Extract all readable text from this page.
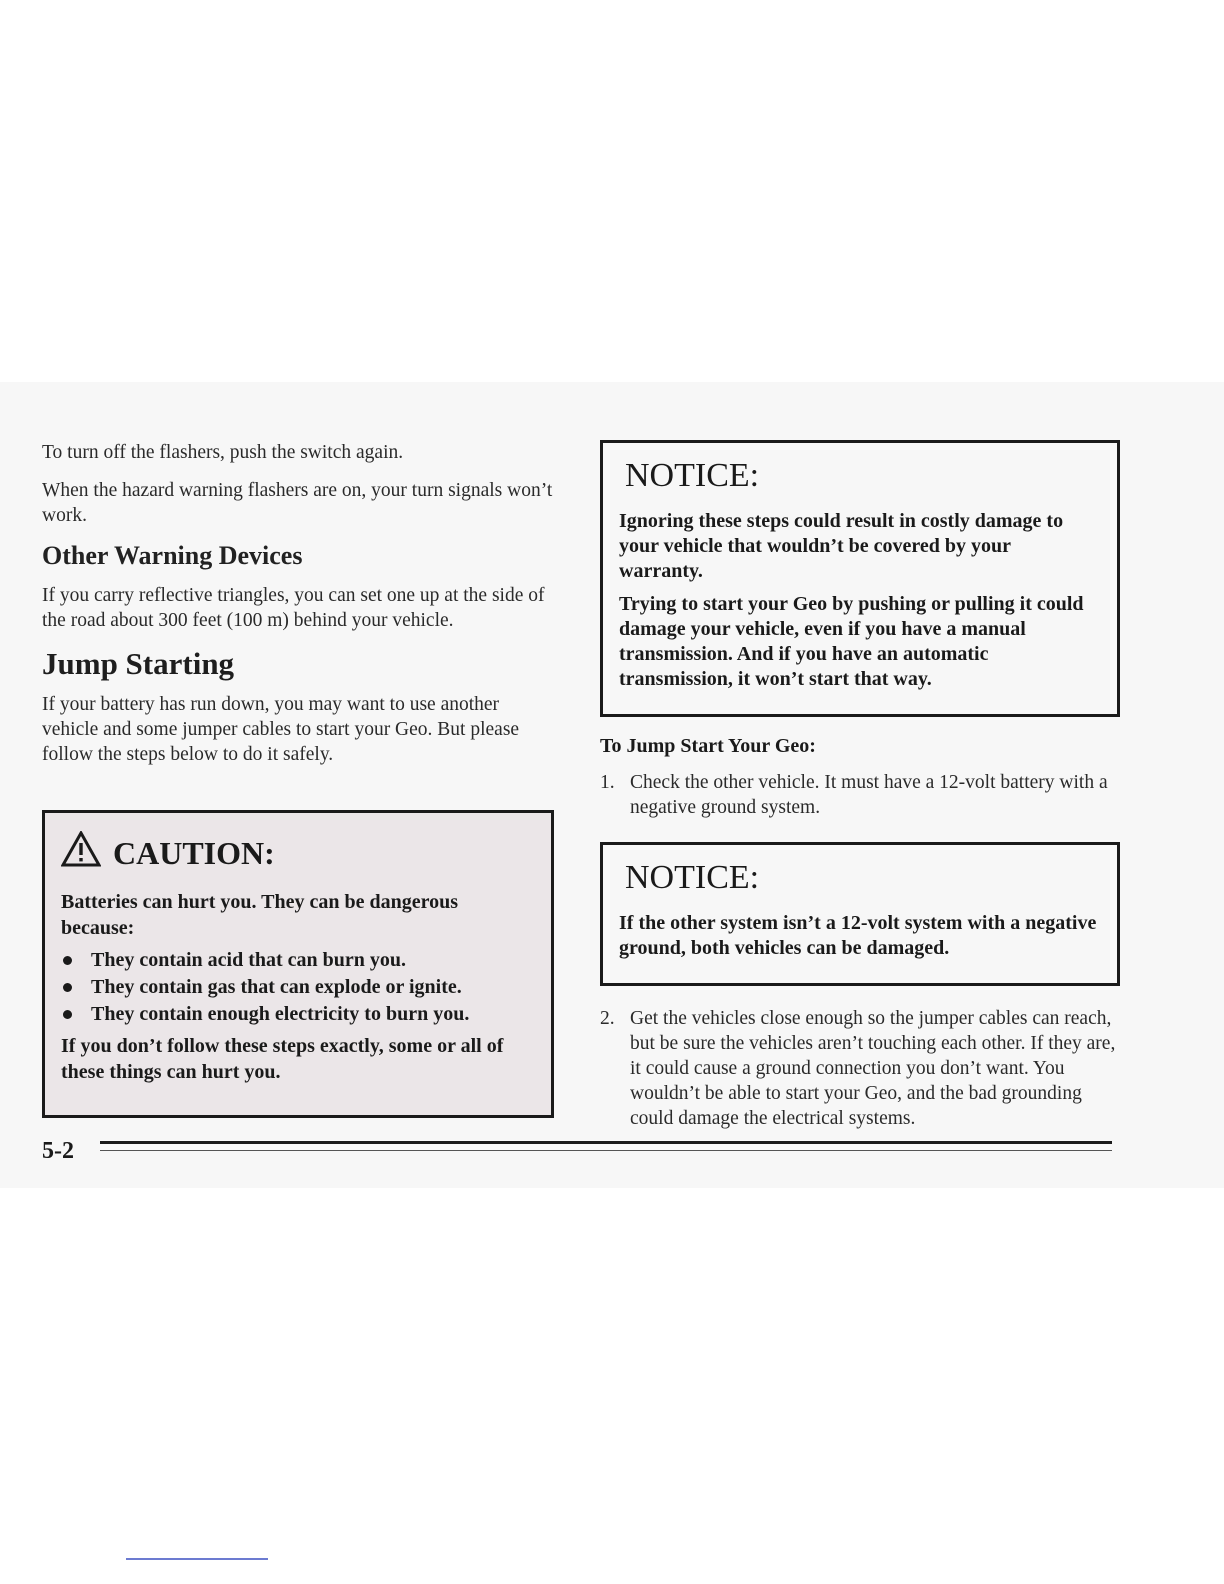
To turn off the flashers, push the switch again.

When the hazard warning flashers are on, your turn signals won’t work.

Other Warning Devices

If you carry reflective triangles, you can set one up at the side of the road about 300 feet (100 m) behind your vehicle.

Jump Starting

If your battery has run down, you may want to use another vehicle and some jumper cables to start your Geo. But please follow the steps below to do it safely.

CAUTION:

Batteries can hurt you. They can be dangerous because:

They contain acid that can burn you.
They contain gas that can explode or ignite.
They contain enough electricity to burn you.

If you don’t follow these steps exactly, some or all of these things can hurt you.

NOTICE:

Ignoring these steps could result in costly damage to your vehicle that wouldn’t be covered by your warranty.

Trying to start your Geo by pushing or pulling it could damage your vehicle, even if you have a manual transmission. And if you have an automatic transmission, it won’t start that way.

To Jump Start Your Geo:
1. Check the other vehicle. It must have a 12-volt battery with a negative ground system.
NOTICE:

If the other system isn’t a 12-volt system with a negative ground, both vehicles can be damaged.

2. Get the vehicles close enough so the jumper cables can reach, but be sure the vehicles aren’t touching each other. If they are, it could cause a ground connection you don’t want. You wouldn’t be able to start your Geo, and the bad grounding could damage the electrical systems.
5-2
